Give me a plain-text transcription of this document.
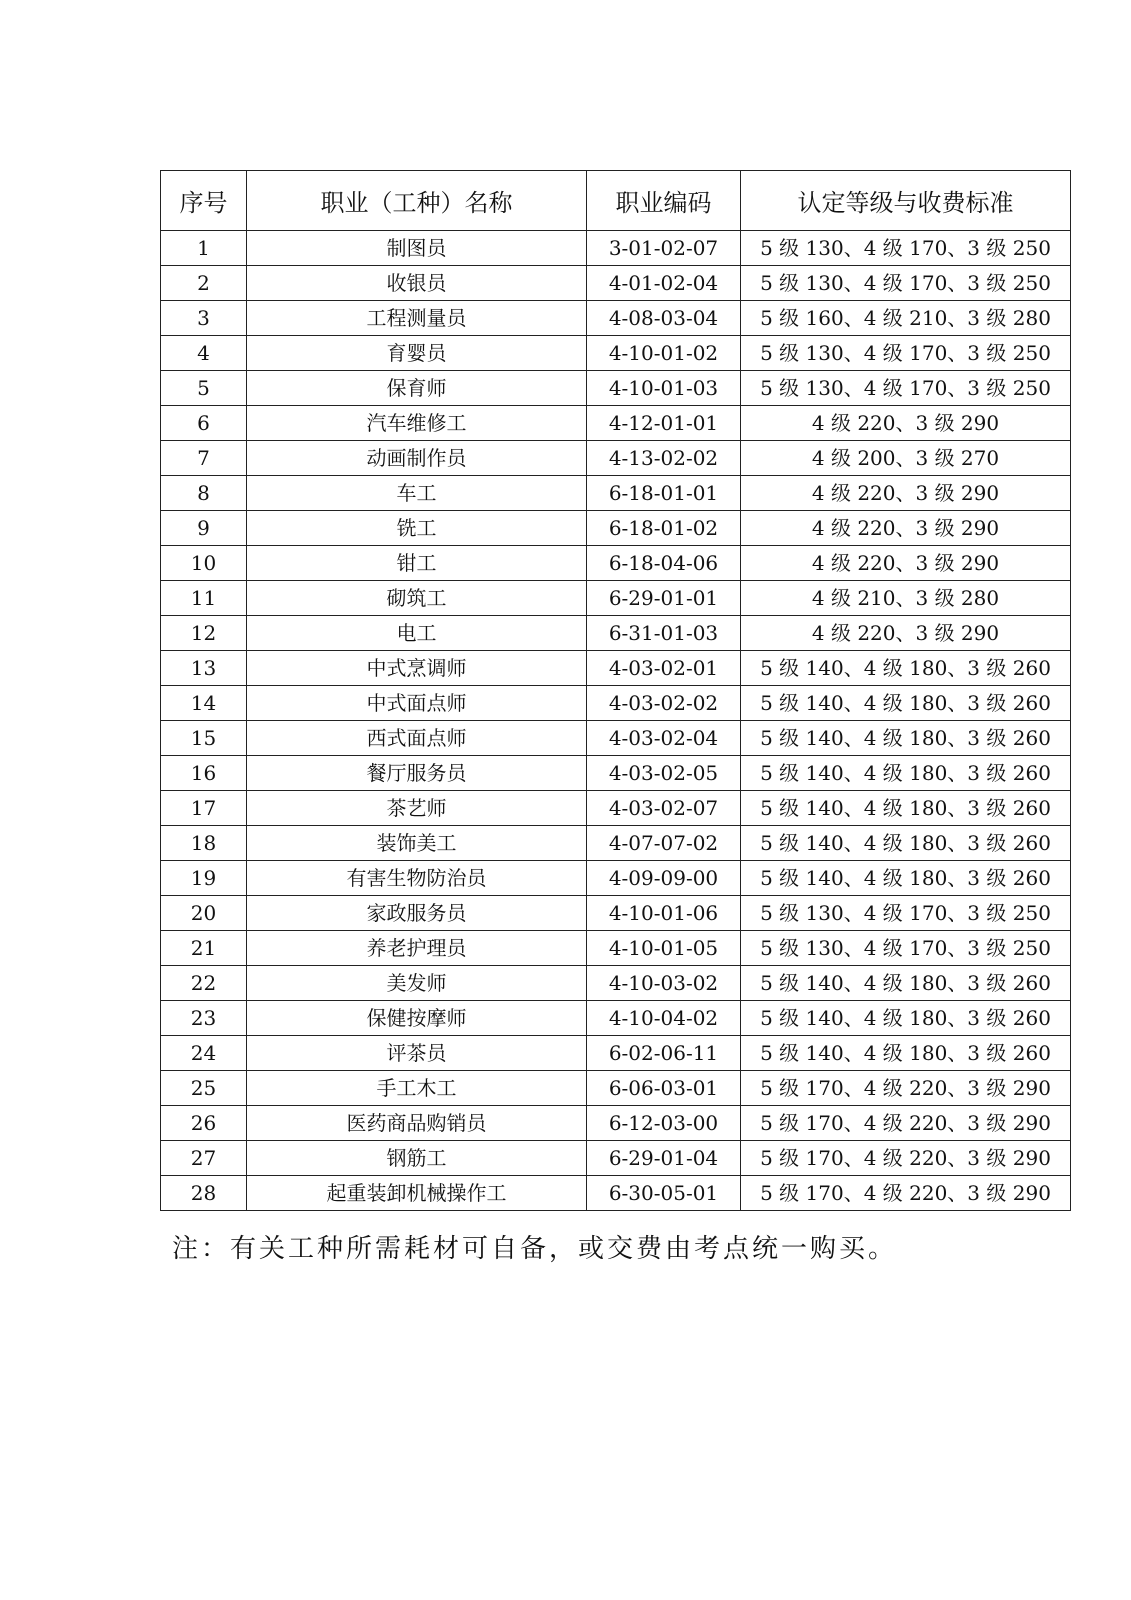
序号	职业（工种）名称	职业编码	认定等级与收费标准
1	制图员	3-01-02-07	5 级 130、4 级 170、3 级 250
2	收银员	4-01-02-04	5 级 130、4 级 170、3 级 250
3	工程测量员	4-08-03-04	5 级 160、4 级 210、3 级 280
4	育婴员	4-10-01-02	5 级 130、4 级 170、3 级 250
5	保育师	4-10-01-03	5 级 130、4 级 170、3 级 250
6	汽车维修工	4-12-01-01	4 级 220、3 级 290
7	动画制作员	4-13-02-02	4 级 200、3 级 270
8	车工	6-18-01-01	4 级 220、3 级 290
9	铣工	6-18-01-02	4 级 220、3 级 290
10	钳工	6-18-04-06	4 级 220、3 级 290
11	砌筑工	6-29-01-01	4 级 210、3 级 280
12	电工	6-31-01-03	4 级 220、3 级 290
13	中式烹调师	4-03-02-01	5 级 140、4 级 180、3 级 260
14	中式面点师	4-03-02-02	5 级 140、4 级 180、3 级 260
15	西式面点师	4-03-02-04	5 级 140、4 级 180、3 级 260
16	餐厅服务员	4-03-02-05	5 级 140、4 级 180、3 级 260
17	茶艺师	4-03-02-07	5 级 140、4 级 180、3 级 260
18	装饰美工	4-07-07-02	5 级 140、4 级 180、3 级 260
19	有害生物防治员	4-09-09-00	5 级 140、4 级 180、3 级 260
20	家政服务员	4-10-01-06	5 级 130、4 级 170、3 级 250
21	养老护理员	4-10-01-05	5 级 130、4 级 170、3 级 250
22	美发师	4-10-03-02	5 级 140、4 级 180、3 级 260
23	保健按摩师	4-10-04-02	5 级 140、4 级 180、3 级 260
24	评茶员	6-02-06-11	5 级 140、4 级 180、3 级 260
25	手工木工	6-06-03-01	5 级 170、4 级 220、3 级 290
26	医药商品购销员	6-12-03-00	5 级 170、4 级 220、3 级 290
27	钢筋工	6-29-01-04	5 级 170、4 级 220、3 级 290
28	起重装卸机械操作工	6-30-05-01	5 级 170、4 级 220、3 级 290
注：有关工种所需耗材可自备，或交费由考点统一购买。
